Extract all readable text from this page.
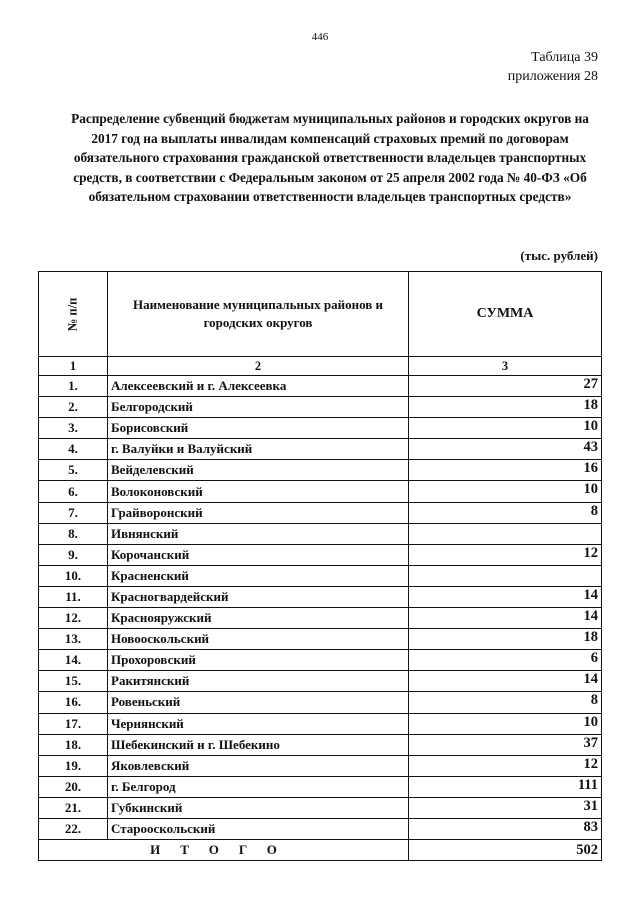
446
Таблица 39
приложения 28
Распределение субвенций бюджетам муниципальных районов и городских округов на 2017 год на выплаты инвалидам компенсаций страховых премий по договорам обязательного страхования гражданской ответственности владельцев транспортных средств, в соответствии с Федеральным законом от 25 апреля 2002 года № 40-ФЗ «Об обязательном страховании ответственности владельцев транспортных средств»
(тыс. рублей)
№ п/п	Наименование муниципальных районов и городских округов	СУММА
1	2	3
1.	Алексеевский и г. Алексеевка	27
2.	Белгородский	18
3.	Борисовский	10
4.	г. Валуйки и Валуйский	43
5.	Вейделевский	16
6.	Волоконовский	10
7.	Грайворонский	8
8.	Ивнянский	
9.	Корочанский	12
10.	Красненский	
11.	Красногвардейский	14
12.	Краснояружский	14
13.	Новооскольский	18
14.	Прохоровский	6
15.	Ракитянский	14
16.	Ровеньский	8
17.	Чернянский	10
18.	Шебекинский и г. Шебекино	37
19.	Яковлевский	12
20.	г. Белгород	111
21.	Губкинский	31
22.	Старооскольский	83
ИТОГО		502
